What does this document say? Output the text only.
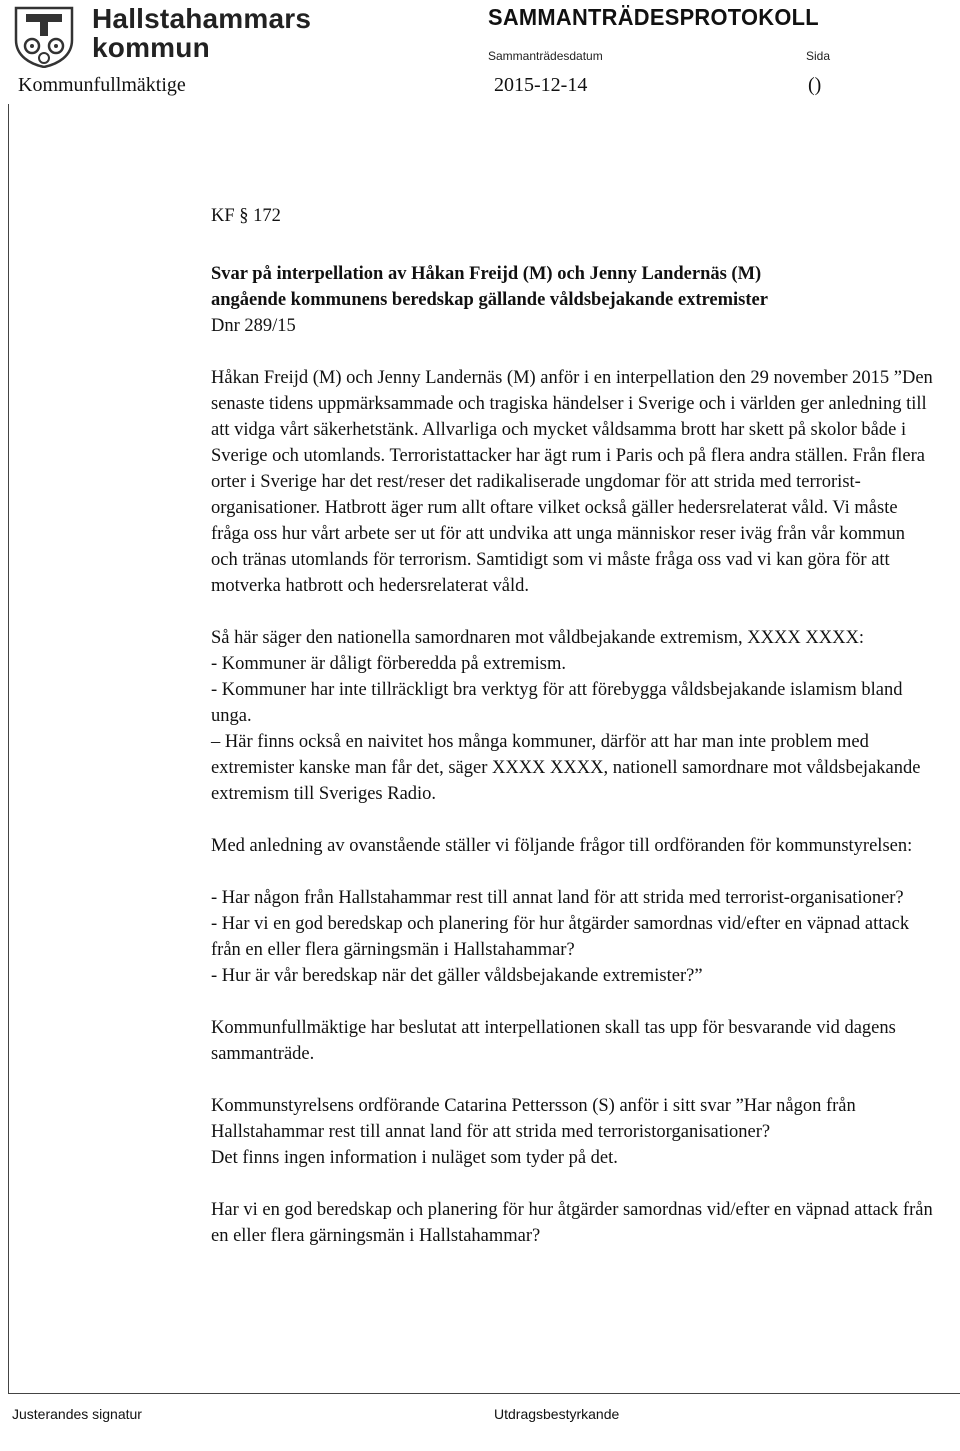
Hallstahammars
kommun
SAMMANTRÄDESPROTOKOLL
Sammanträdesdatum	Sida
Kommunfullmäktige	2015-12-14	()

KF § 172

Svar på interpellation av Håkan Freijd (M) och Jenny Landernäs (M)

angående kommunens beredskap gällande våldsbejakande extremister

Dnr 289/15

Håkan Freijd (M) och Jenny Landernäs (M) anför i en interpellation den 29 november 2015 ”Den senaste tidens uppmärksammade och tragiska händelser i Sverige och i världen ger anledning till att vidga vårt säkerhetstänk. Allvarliga och mycket våldsamma brott har skett på skolor både i Sverige och utomlands. Terroristattacker har ägt rum i Paris och på flera andra ställen. Från flera orter i Sverige har det rest/reser det radikaliserade ungdomar för att strida med terrorist-organisationer. Hatbrott äger rum allt oftare vilket också gäller hedersrelaterat våld. Vi måste fråga oss hur vårt arbete ser ut för att undvika att unga människor reser iväg från vår kommun och tränas utomlands för terrorism. Samtidigt som vi måste fråga oss vad vi kan göra för att motverka hatbrott och hedersrelaterat våld.

Så här säger den nationella samordnaren mot våldbejakande extremism, XXXX XXXX:

- Kommuner är dåligt förberedda på extremism.

- Kommuner har inte tillräckligt bra verktyg för att förebygga våldsbejakande islamism bland unga.

– Här finns också en naivitet hos många kommuner, därför att har man inte problem med extremister kanske man får det, säger XXXX XXXX, nationell samordnare mot våldsbejakande extremism till Sveriges Radio.

Med anledning av ovanstående ställer vi följande frågor till ordföranden för kommunstyrelsen:

- Har någon från Hallstahammar rest till annat land för att strida med terrorist-organisationer?

- Har vi en god beredskap och planering för hur åtgärder samordnas vid/efter en väpnad attack från en eller flera gärningsmän i Hallstahammar?

- Hur är vår beredskap när det gäller våldsbejakande extremister?”

Kommunfullmäktige har beslutat att interpellationen skall tas upp för besvarande vid dagens sammanträde.

Kommunstyrelsens ordförande Catarina Pettersson (S) anför i sitt svar ”Har någon från Hallstahammar rest till annat land för att strida med terroristorganisationer?

Det finns ingen information i nuläget som tyder på det.

Har vi en god beredskap och planering för hur åtgärder samordnas vid/efter en väpnad attack från en eller flera gärningsmän i Hallstahammar?

Justerandes signatur	Utdragsbestyrkande
